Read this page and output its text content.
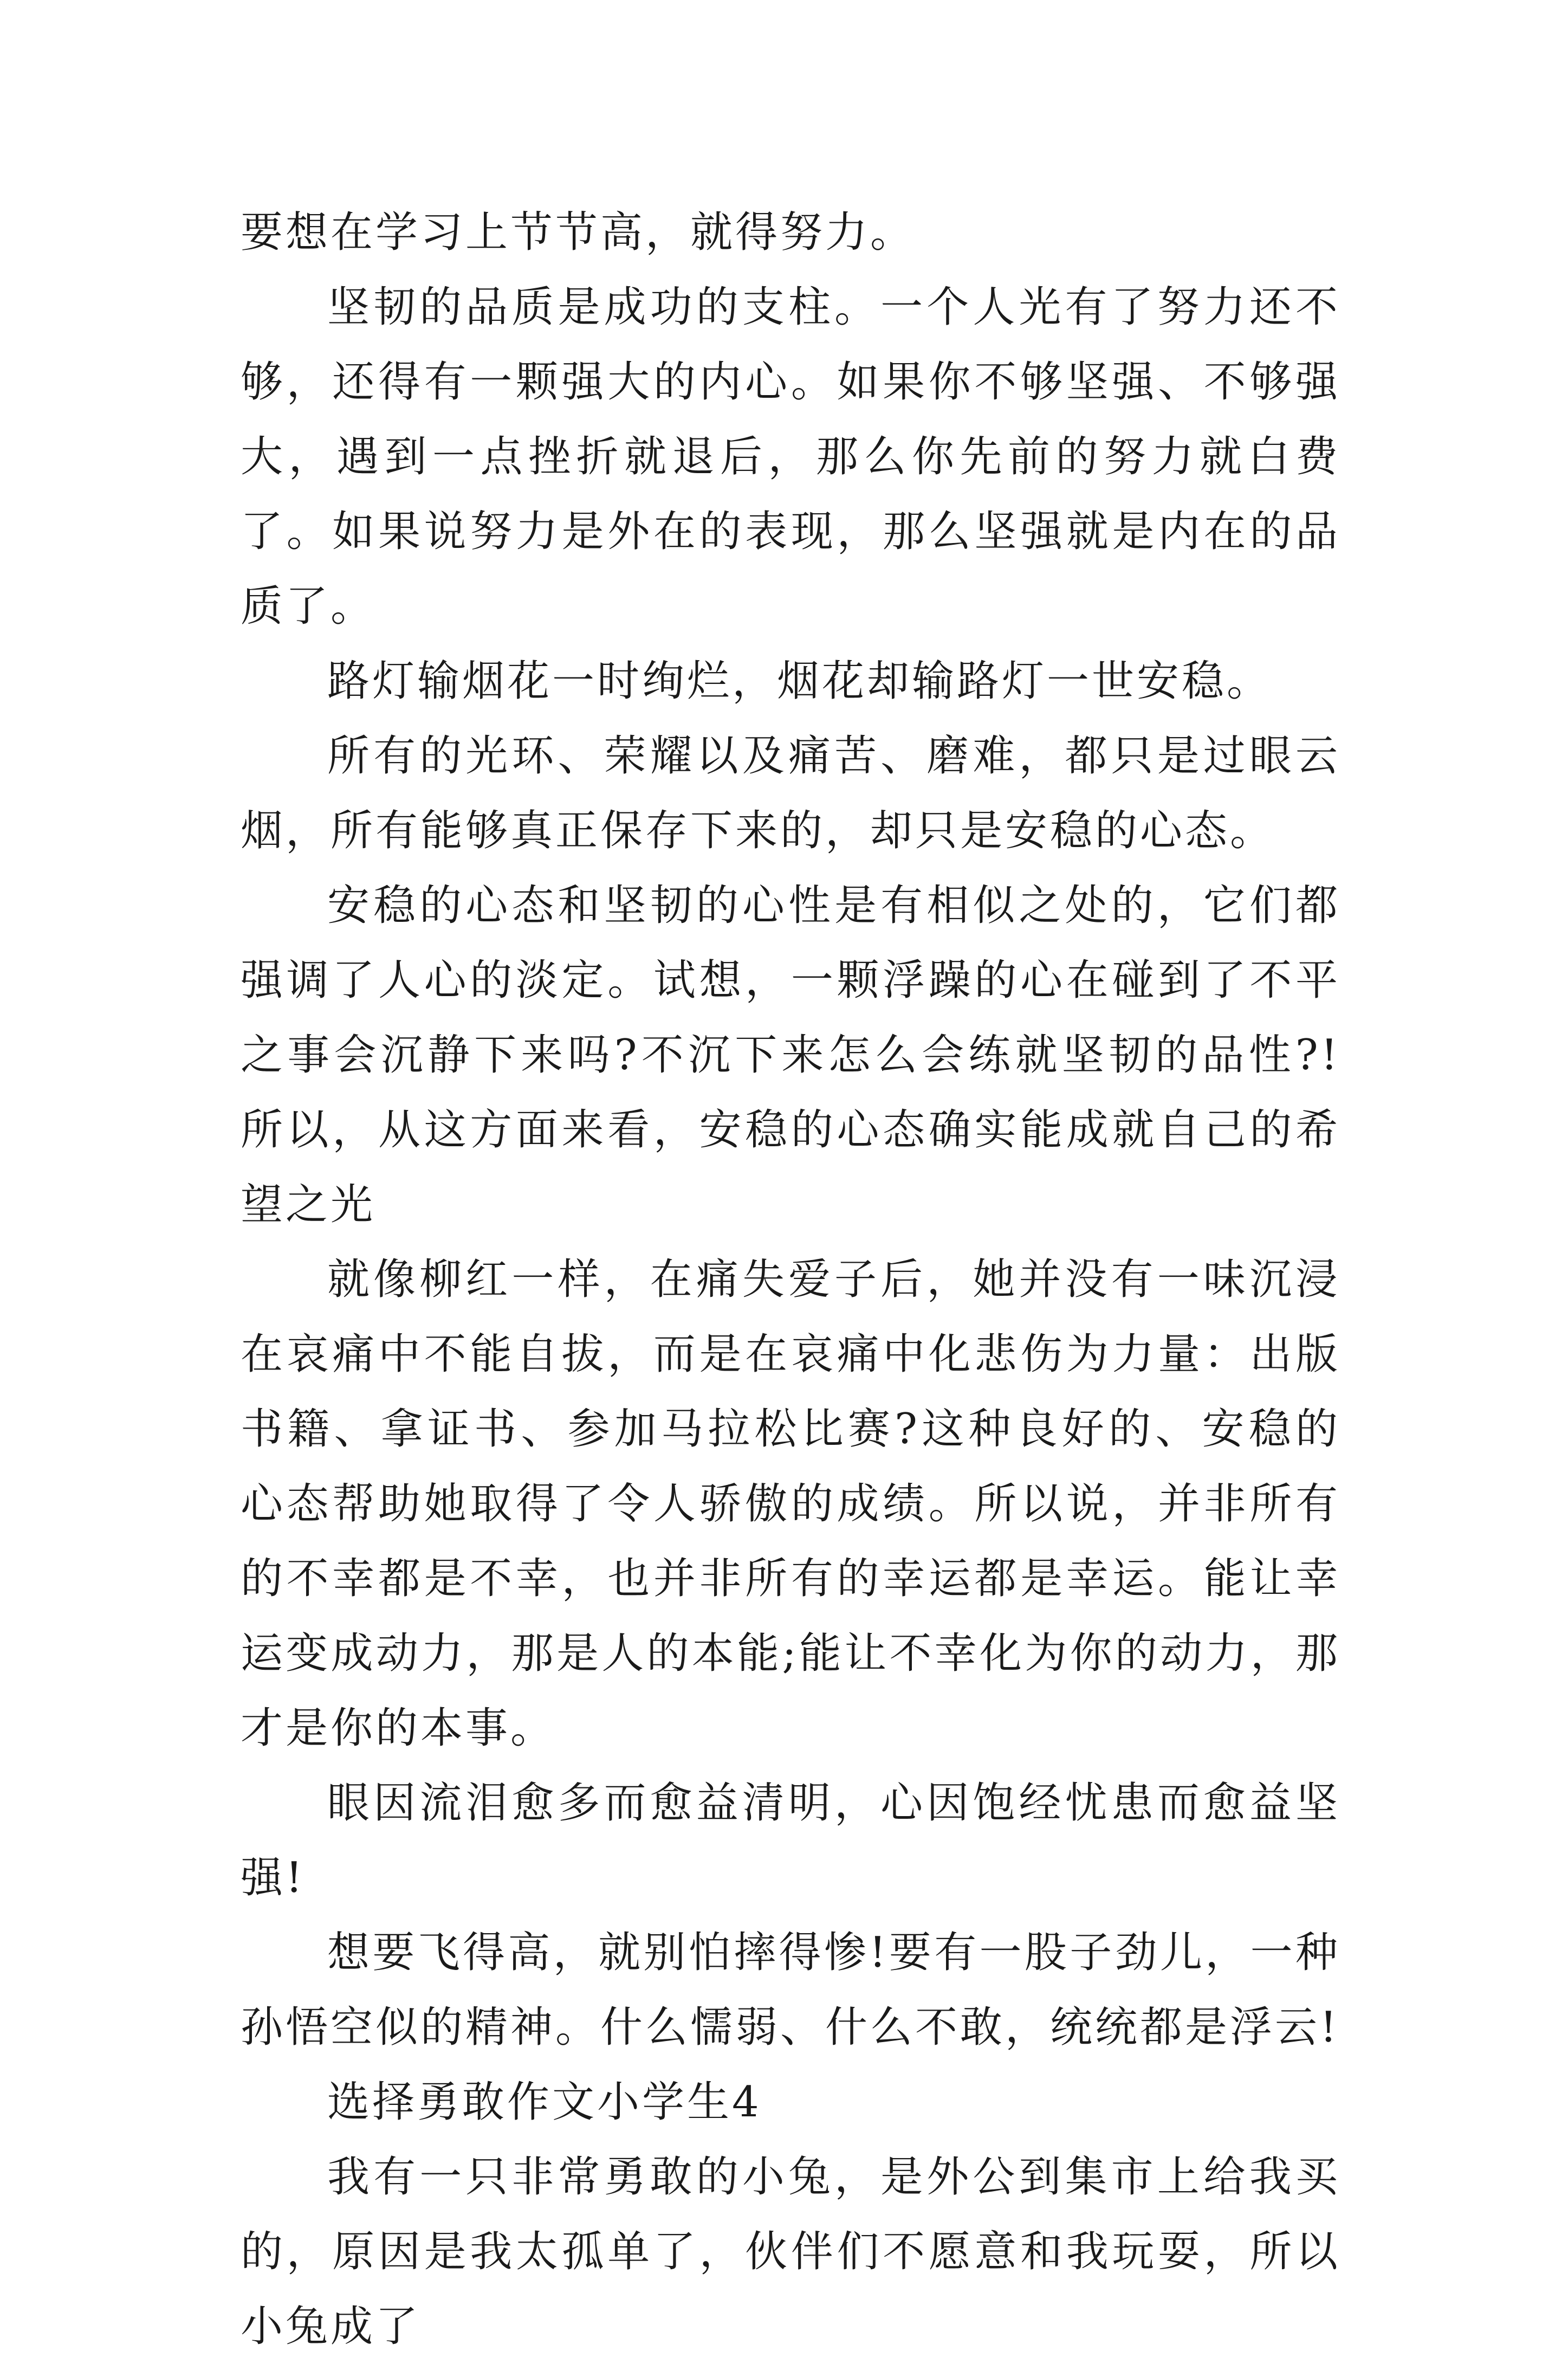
要想在学习上节节高，就得努力。

坚韧的品质是成功的支柱。一个人光有了努力还不够，还得有一颗强大的内心。如果你不够坚强、不够强大，遇到一点挫折就退后，那么你先前的努力就白费了。如果说努力是外在的表现，那么坚强就是内在的品质了。

路灯输烟花一时绚烂，烟花却输路灯一世安稳。

所有的光环、荣耀以及痛苦、磨难，都只是过眼云烟，所有能够真正保存下来的，却只是安稳的心态。

安稳的心态和坚韧的心性是有相似之处的，它们都强调了人心的淡定。试想，一颗浮躁的心在碰到了不平之事会沉静下来吗?不沉下来怎么会练就坚韧的品性?!所以，从这方面来看，安稳的心态确实能成就自己的希望之光

就像柳红一样，在痛失爱子后，她并没有一味沉浸在哀痛中不能自拔，而是在哀痛中化悲伤为力量：出版书籍、拿证书、参加马拉松比赛?这种良好的、安稳的心态帮助她取得了令人骄傲的成绩。所以说，并非所有的不幸都是不幸，也并非所有的幸运都是幸运。能让幸运变成动力，那是人的本能;能让不幸化为你的动力，那才是你的本事。

眼因流泪愈多而愈益清明，心因饱经忧患而愈益坚强!

想要飞得高，就别怕摔得惨!要有一股子劲儿，一种孙悟空似的精神。什么懦弱、什么不敢，统统都是浮云!

选择勇敢作文小学生4

我有一只非常勇敢的小兔，是外公到集市上给我买的，原因是我太孤单了，伙伴们不愿意和我玩耍，所以小兔成了
